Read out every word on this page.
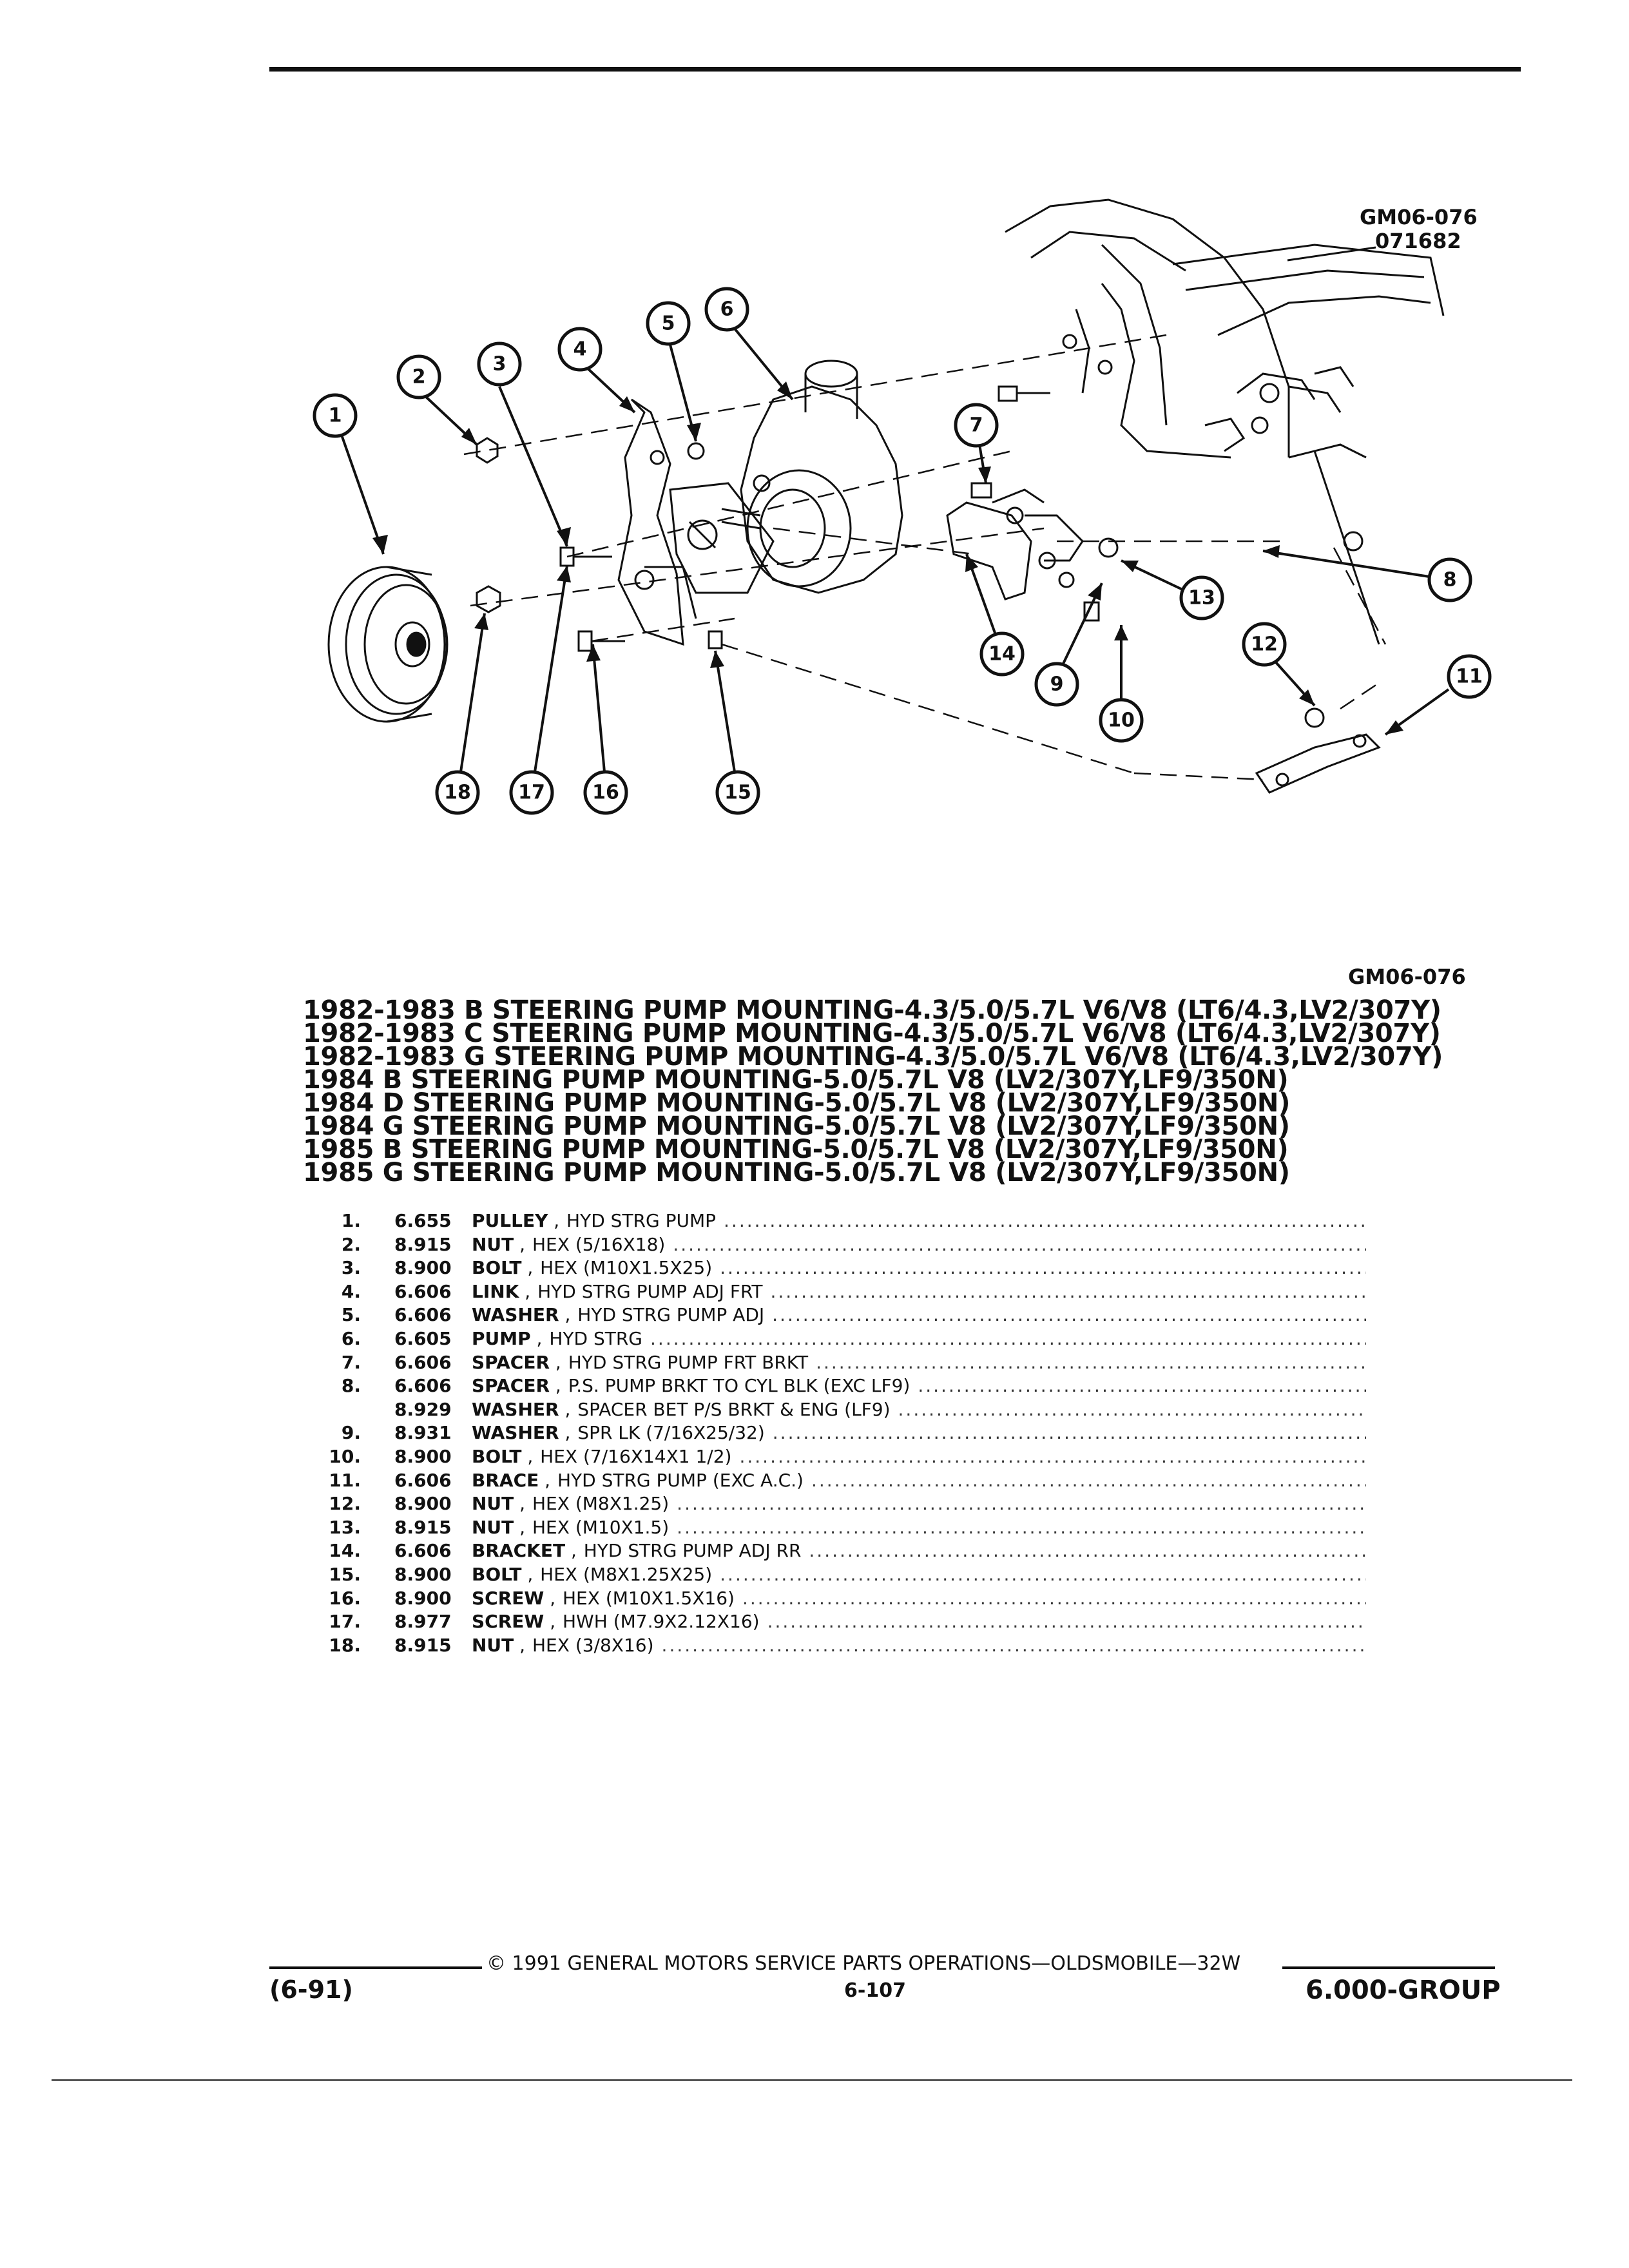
GM06-076
071682
1
2
3
4
5
6
7
8
9
10
11
12
13
14
15
16
17
18
GM06-076
1982-1983 B STEERING PUMP MOUNTING-4.3/5.0/5.7L V6/V8 (LT6/4.3,LV2/307Y)
1982-1983 C STEERING PUMP MOUNTING-4.3/5.0/5.7L V6/V8 (LT6/4.3,LV2/307Y)
1982-1983 G STEERING PUMP MOUNTING-4.3/5.0/5.7L V6/V8 (LT6/4.3,LV2/307Y)
1984 B STEERING PUMP MOUNTING-5.0/5.7L V8 (LV2/307Y,LF9/350N)
1984 D STEERING PUMP MOUNTING-5.0/5.7L V8 (LV2/307Y,LF9/350N)
1984 G STEERING PUMP MOUNTING-5.0/5.7L V8 (LV2/307Y,LF9/350N)
1985 B STEERING PUMP MOUNTING-5.0/5.7L V8 (LV2/307Y,LF9/350N)
1985 G STEERING PUMP MOUNTING-5.0/5.7L V8 (LV2/307Y,LF9/350N)
1. 6.655	PULLEY , HYD STRG PUMP
.....
2. 8.915	NUT , HEX (5/16X18)
.....
3. 8.900	BOLT , HEX (M10X1.5X25)
.....
4. 6.606	LINK , HYD STRG PUMP ADJ FRT
.....
5. 6.606	WASHER , HYD STRG PUMP ADJ
.....
6. 6.605	PUMP , HYD STRG
.....
7. 6.606	SPACER , HYD STRG PUMP FRT BRKT
.....
8. 6.606	SPACER , P.S. PUMP BRKT TO CYL BLK (EXC LF9)
.....
8.929	WASHER , SPACER BET P/S BRKT & ENG (LF9)
.....
9. 8.931	WASHER , SPR LK (7/16X25/32)
.....
10. 8.900	BOLT , HEX (7/16X14X1 1/2)
.....
11. 6.606	BRACE , HYD STRG PUMP (EXC A.C.)
.....
12. 8.900	NUT , HEX (M8X1.25)
.....
13. 8.915	NUT , HEX (M10X1.5)
.....
14. 6.606	BRACKET , HYD STRG PUMP ADJ RR
.....
15. 8.900	BOLT , HEX (M8X1.25X25)
.....
16. 8.900	SCREW , HEX (M10X1.5X16)
.....
17. 8.977	SCREW , HWH (M7.9X2.12X16)
.....
18. 8.915	NUT , HEX (3/8X16)
.....
© 1991 GENERAL MOTORS SERVICE PARTS OPERATIONS—OLDSMOBILE—32W
(6-91)	6-107	6.000-GROUP
